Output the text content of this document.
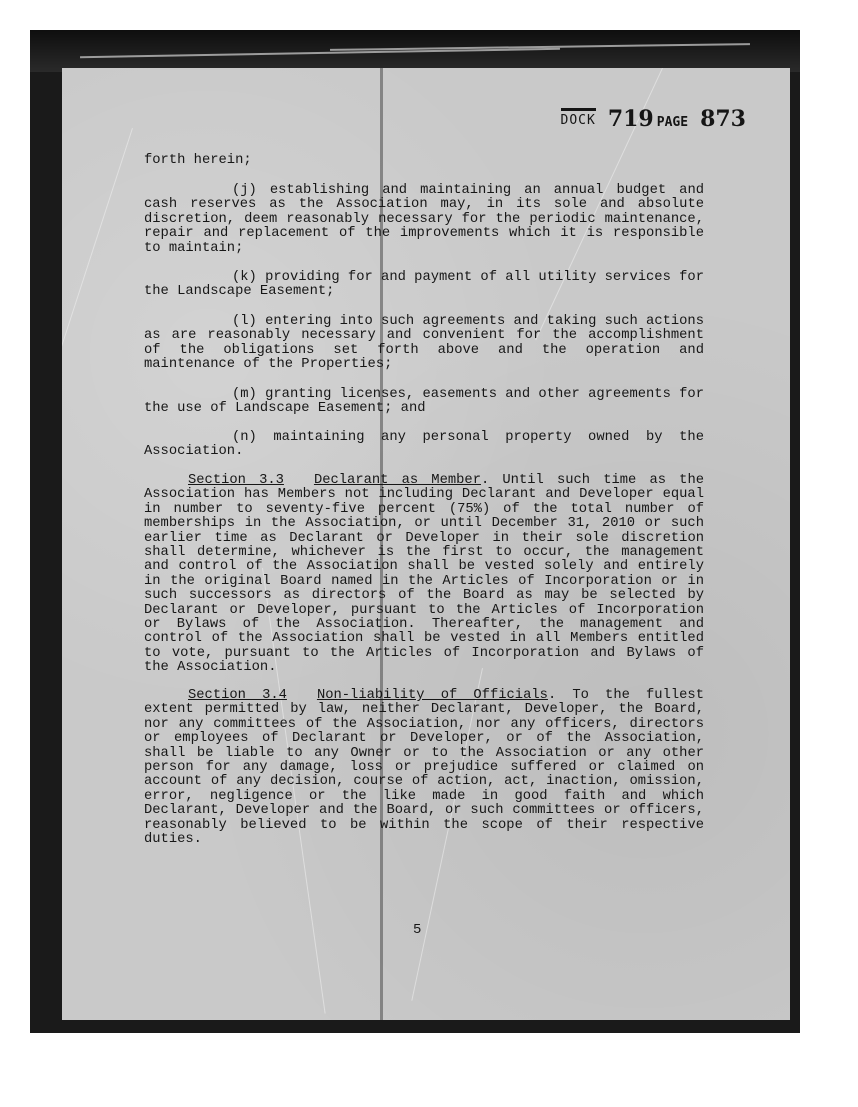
DOCK 719 PAGE 873

forth herein;

(j) establishing and maintaining an annual budget and cash reserves as the Association may, in its sole and absolute discretion, deem reasonably necessary for the periodic maintenance, repair and replacement of the improvements which it is responsible to maintain;

(k) providing for and payment of all utility services for the Landscape Easement;

(l) entering into such agreements and taking such actions as are reasonably necessary and convenient for the accomplishment of the obligations set forth above and the operation and maintenance of the Properties;

(m) granting licenses, easements and other agreements for the use of Landscape Easement; and

(n) maintaining any personal property owned by the Association.

Section 3.3 Declarant as Member. Until such time as the Association has Members not including Declarant and Developer equal in number to seventy-five percent (75%) of the total number of memberships in the Association, or until December 31, 2010 or such earlier time as Declarant or Developer in their sole discretion shall determine, whichever is the first to occur, the management and control of the Association shall be vested solely and entirely in the original Board named in the Articles of Incorporation or in such successors as directors of the Board as may be selected by Declarant or Developer, pursuant to the Articles of Incorporation or Bylaws of the Association. Thereafter, the management and control of the Association shall be vested in all Members entitled to vote, pursuant to the Articles of Incorporation and Bylaws of the Association.

Section 3.4 Non-liability of Officials. To the fullest extent permitted by law, neither Declarant, Developer, the Board, nor any committees of the Association, nor any officers, directors or employees of Declarant or Developer, or of the Association, shall be liable to any Owner or to the Association or any other person for any damage, loss or prejudice suffered or claimed on account of any decision, course of action, act, inaction, omission, error, negligence or the like made in good faith and which Declarant, Developer and the Board, or such committees or officers, reasonably believed to be within the scope of their respective duties.

5
